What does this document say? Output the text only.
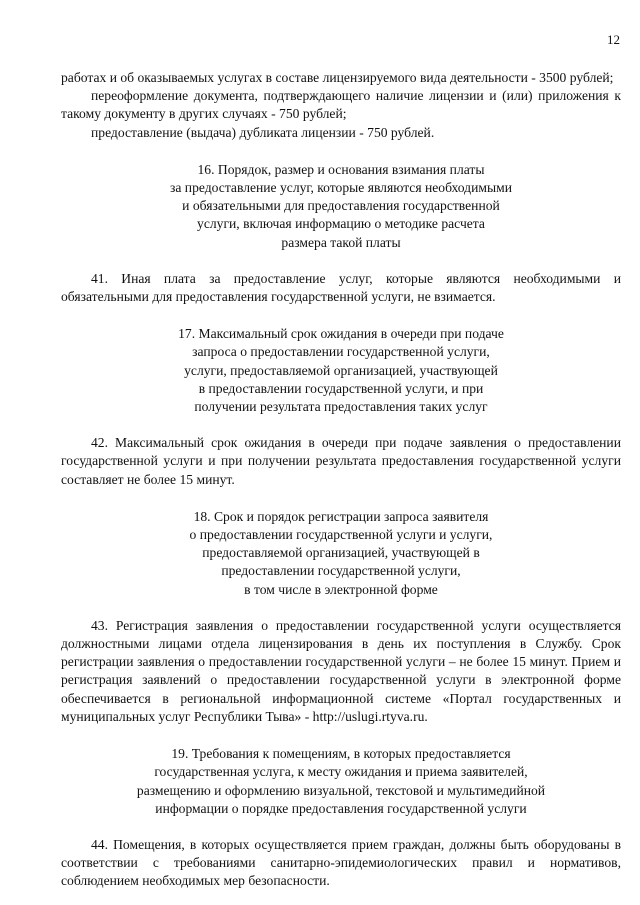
12

работах и об оказываемых услугах в составе лицензируемого вида деятельности - 3500 рублей;

переоформление документа, подтверждающего наличие лицензии и (или) приложения к такому документу в других случаях - 750 рублей;

предоставление (выдача) дубликата лицензии - 750 рублей.

16. Порядок, размер и основания взимания платы
за предоставление услуг, которые являются необходимыми
и обязательными для предоставления государственной
услуги, включая информацию о методике расчета
размера такой платы

41. Иная плата за предоставление услуг, которые являются необходимыми и обязательными для предоставления государственной услуги, не взимается.

17. Максимальный срок ожидания в очереди при подаче
запроса о предоставлении государственной услуги,
услуги, предоставляемой организацией, участвующей
в предоставлении государственной услуги, и при
получении результата предоставления таких услуг

42. Максимальный срок ожидания в очереди при подаче заявления о предоставлении государственной услуги и при получении результата предоставления государственной услуги составляет не более 15 минут.

18. Срок и порядок регистрации запроса заявителя
о предоставлении государственной услуги и услуги,
предоставляемой организацией, участвующей в
предоставлении государственной услуги,
в том числе в электронной форме

43. Регистрация заявления о предоставлении государственной услуги осуществляется должностными лицами отдела лицензирования в день их поступления в Службу. Срок регистрации заявления о предоставлении государственной услуги – не более 15 минут. Прием и регистрация заявлений о предоставлении государственной услуги в электронной форме обеспечивается в региональной информационной системе «Портал государственных и муниципальных услуг Республики Тыва» - http://uslugi.rtyva.ru.

19. Требования к помещениям, в которых предоставляется
государственная услуга, к месту ожидания и приема заявителей,
размещению и оформлению визуальной, текстовой и мультимедийной
информации о порядке предоставления государственной услуги

44. Помещения, в которых осуществляется прием граждан, должны быть оборудованы в соответствии с требованиями санитарно-эпидемиологических правил и нормативов, соблюдением необходимых мер безопасности.
